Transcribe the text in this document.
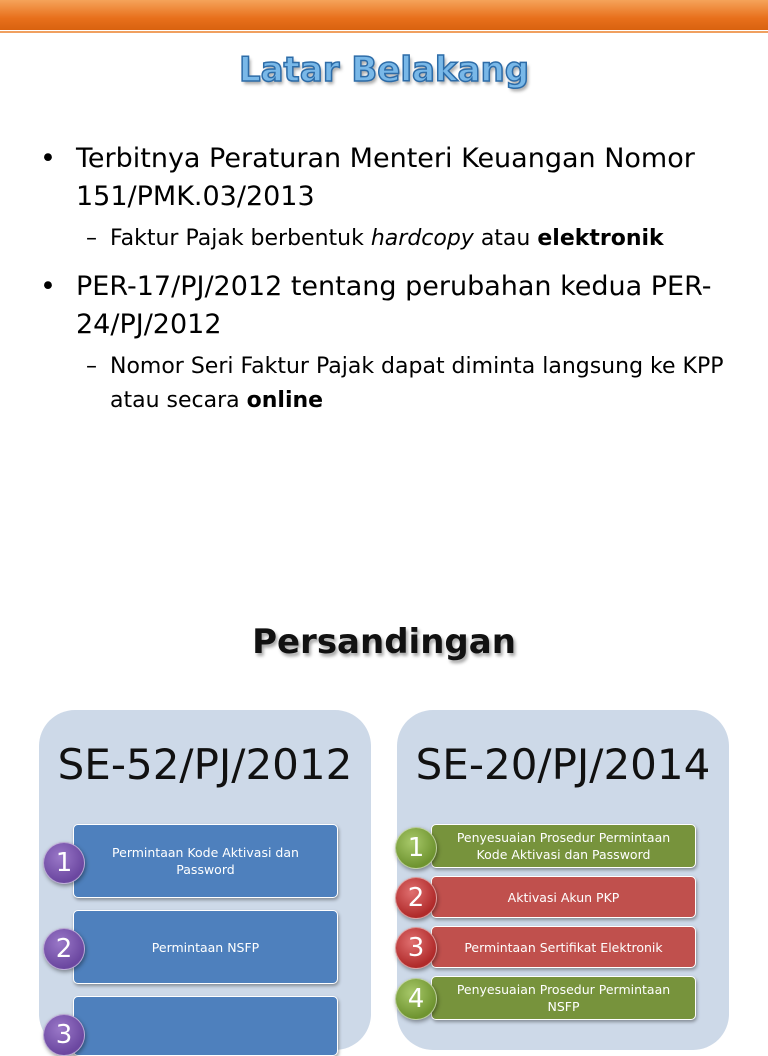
Latar Belakang

• Terbitnya Peraturan Menteri Keuangan Nomor 151/PMK.03/2013

– Faktur Pajak berbentuk hardcopy atau elektronik

• PER-17/PJ/2012 tentang perubahan kedua PER-24/PJ/2012

– Nomor Seri Faktur Pajak dapat diminta langsung ke KPP atau secara online

Persandingan
SE-52/PJ/2012
Permintaan Kode Aktivasi dan Password
1
Permintaan NSFP
2
3
SE-20/PJ/2014
Penyesuaian Prosedur Permintaan Kode Aktivasi dan Password
1
Aktivasi Akun PKP
2
Permintaan Sertifikat Elektronik
3
Penyesuaian Prosedur Permintaan NSFP
4
